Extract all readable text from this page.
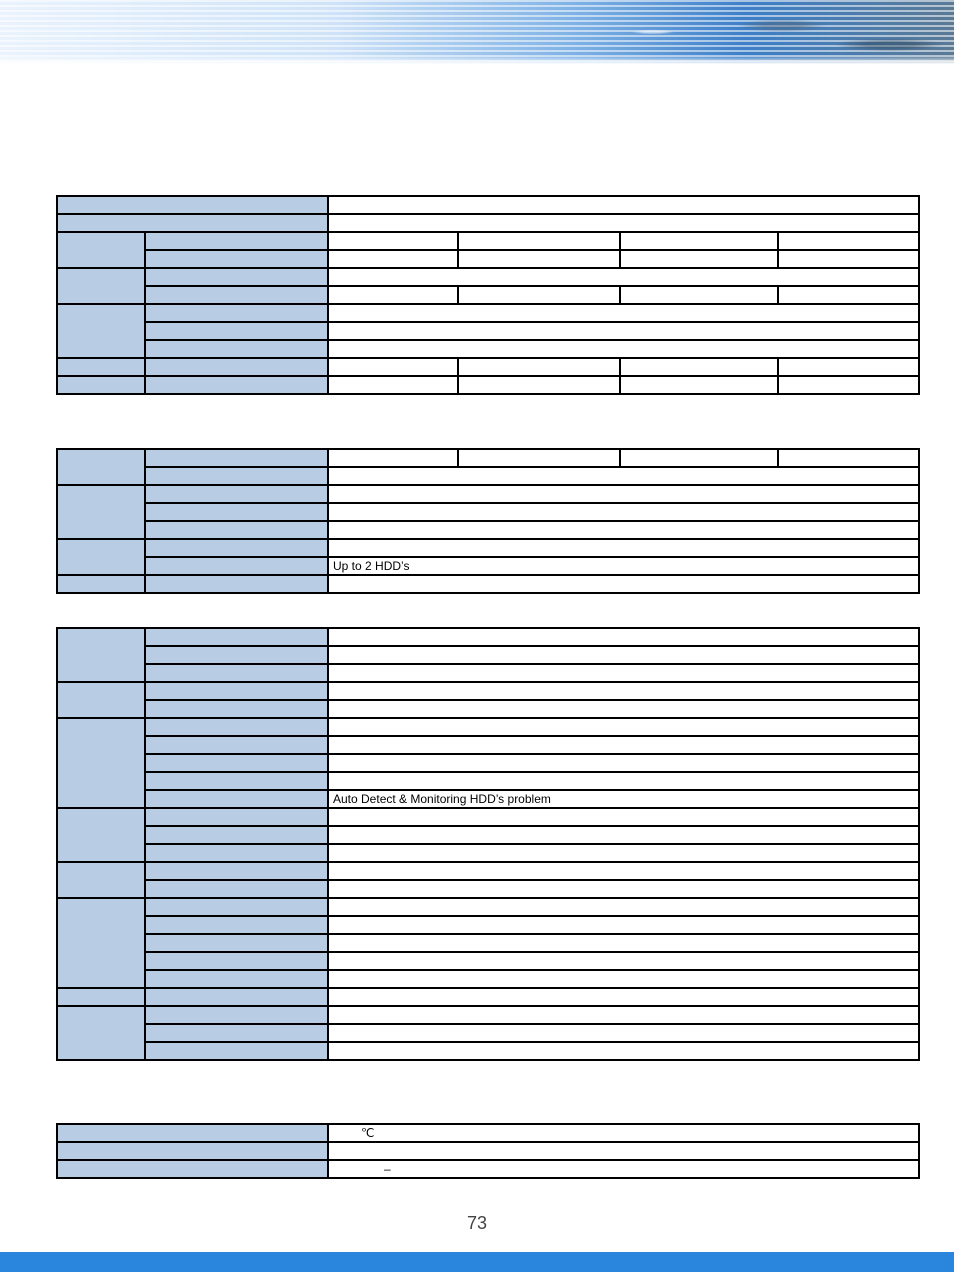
		Up to 2 HDD’s			

		Auto Detect & Monitoring HDD’s problem

	℃

	–
73
